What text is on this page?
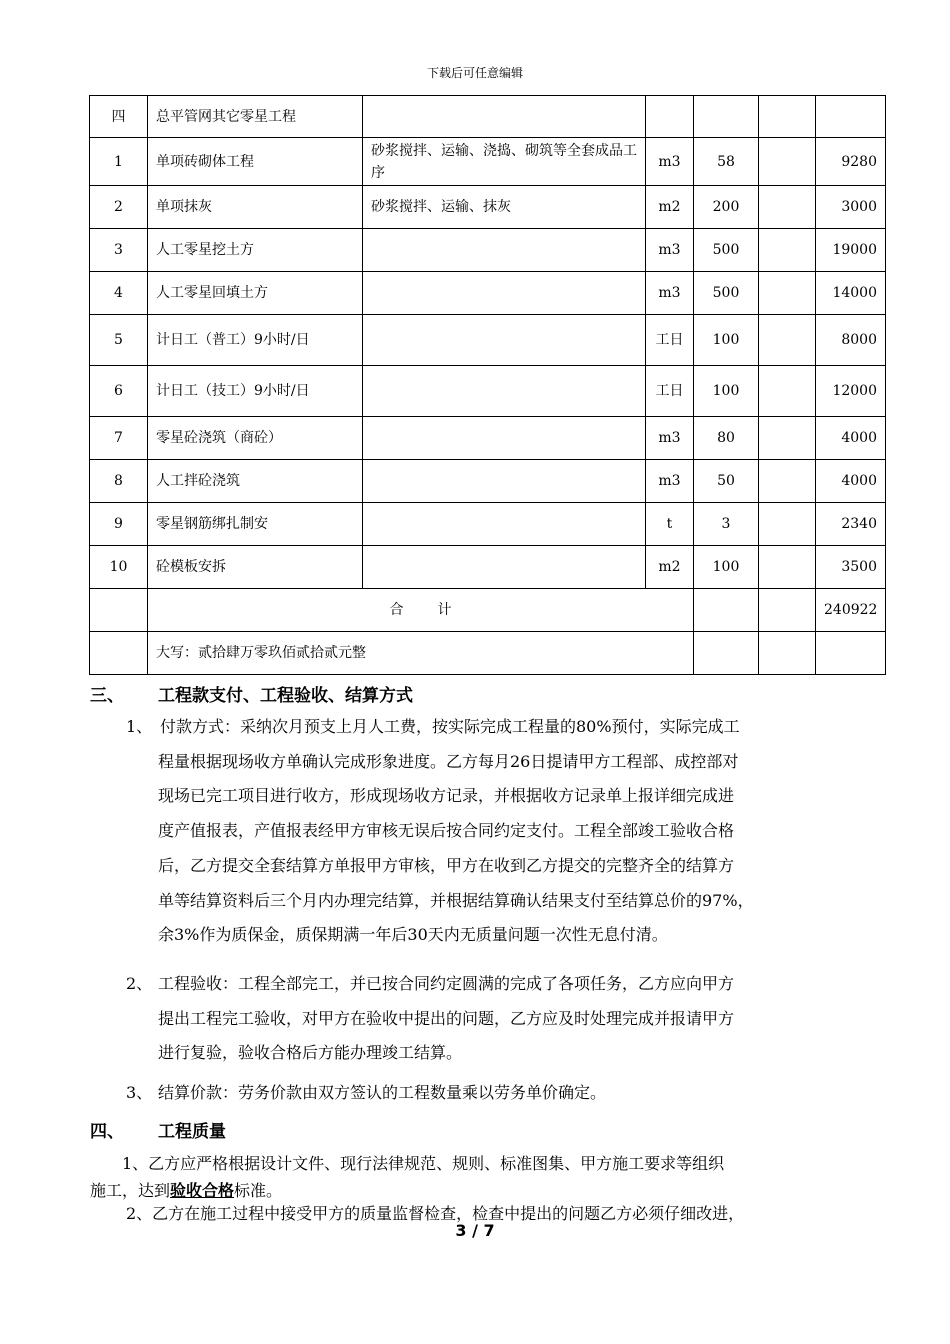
下载后可任意编辑
四	总平管网其它零星工程					
1	单项砖砌体工程	砂浆搅拌、运输、浇捣、砌筑等全套成品工序	m3	58		9280
2	单项抹灰	砂浆搅拌、运输、抹灰	m2	200		3000
3	人工零星挖土方		m3	500		19000
4	人工零星回填土方		m3	500		14000
5	计日工（普工）9小时/日		工日	100		8000
6	计日工（技工）9小时/日		工日	100		12000
7	零星砼浇筑（商砼）		m3	80		4000
8	人工拌砼浇筑		m3	50		4000
9	零星钢筋绑扎制安		t	3		2340
10	砼模板安拆		m2	100		3500
	合 计					240922
	大写：贰拾肆万零玖佰贰拾贰元整					
三、 工程款支付、工程验收、结算方式
1、 付款方式：采纳次月预支上月人工费，按实际完成工程量的80%预付，实际完成工
程量根据现场收方单确认完成形象进度。乙方每月26日提请甲方工程部、成控部对
现场已完工项目进行收方，形成现场收方记录，并根据收方记录单上报详细完成进
度产值报表，产值报表经甲方审核无误后按合同约定支付。工程全部竣工验收合格
后，乙方提交全套结算方单报甲方审核，甲方在收到乙方提交的完整齐全的结算方
单等结算资料后三个月内办理完结算，并根据结算确认结果支付至结算总价的97%，
余3%作为质保金，质保期满一年后30天内无质量问题一次性无息付清。
2、 工程验收：工程全部完工，并已按合同约定圆满的完成了各项任务，乙方应向甲方
提出工程完工验收，对甲方在验收中提出的问题，乙方应及时处理完成并报请甲方
进行复验，验收合格后方能办理竣工结算。
3、 结算价款：劳务价款由双方签认的工程数量乘以劳务单价确定。
四、 工程质量
1、乙方应严格根据设计文件、现行法律规范、规则、标准图集、甲方施工要求等组织
施工，达到验收合格标准。
2、乙方在施工过程中接受甲方的质量监督检查，检查中提出的问题乙方必须仔细改进，
3 / 7
